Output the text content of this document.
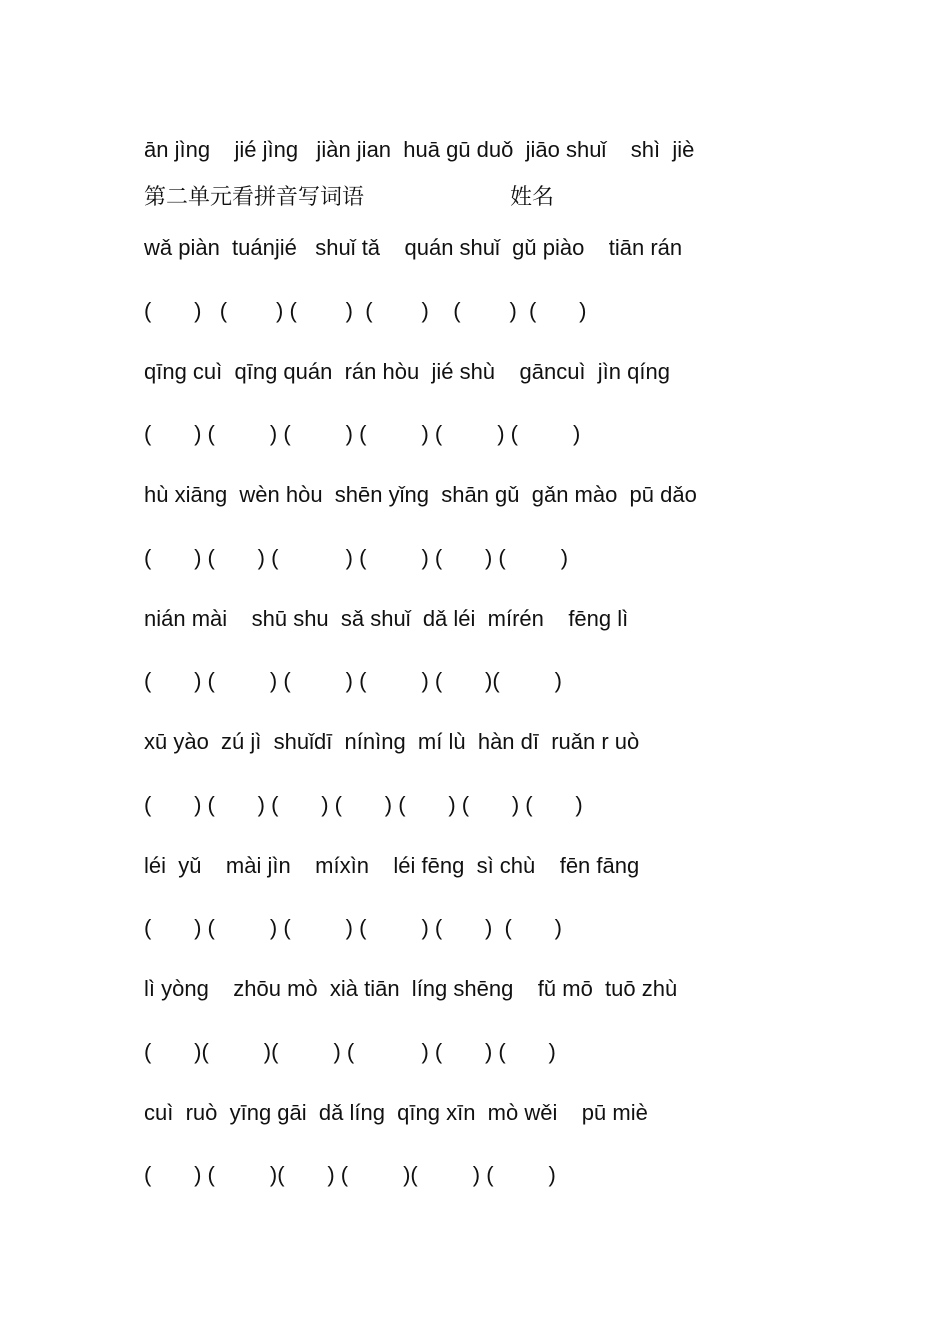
ān jìng    jié jìng   jiàn jian  huā gū duǒ  jiāo shuǐ    shì  jiè
第二单元看拼音写词语	姓名
wǎ piàn  tuánjié   shuǐ tǎ    quán shuǐ  gǔ piào    tiān rán
(       )   (        ) (        )  (        )    (        )  (       )
qīng cuì  qīng quán  rán hòu  jié shù    gāncuì  jìn qíng
(       ) (         ) (         ) (         ) (         ) (         )
hù xiāng  wèn hòu  shēn yǐng  shān gǔ  gǎn mào  pū dǎo
(       ) (       ) (           ) (         ) (       ) (         )
nián mài    shū shu  sǎ shuǐ  dǎ léi  mírén    fēng lì
(       ) (         ) (         ) (         ) (       )(         )
xū yào  zú jì  shuǐdī  nínìng  mí lù  hàn dī  ruǎn r uò
(       ) (       ) (       ) (       ) (       ) (       ) (       )
léi  yǔ    mài jìn    míxìn    léi fēng  sì chù    fēn fāng
(       ) (         ) (         ) (         ) (       )  (       )
lì yòng    zhōu mò  xià tiān  líng shēng    fǔ mō  tuō zhù
(       )(         )(         ) (           ) (       ) (       )
cuì  ruò  yīng gāi  dǎ líng  qīng xīn  mò wěi    pū miè
(       ) (         )(       ) (         )(         ) (         )
